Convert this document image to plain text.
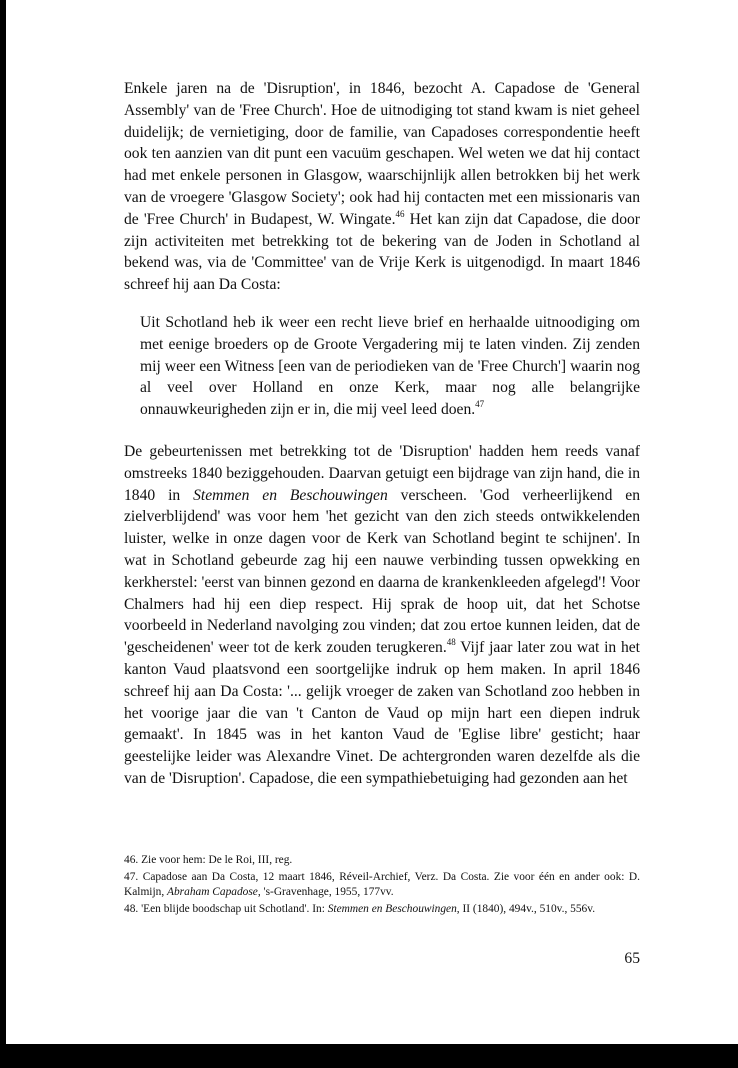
Enkele jaren na de 'Disruption', in 1846, bezocht A. Capadose de 'General Assembly' van de 'Free Church'. Hoe de uitnodiging tot stand kwam is niet geheel duidelijk; de vernietiging, door de familie, van Capadoses correspondentie heeft ook ten aanzien van dit punt een vacuüm geschapen. Wel weten we dat hij contact had met enkele personen in Glasgow, waarschijnlijk allen betrokken bij het werk van de vroegere 'Glasgow Society'; ook had hij contacten met een missionaris van de 'Free Church' in Budapest, W. Wingate.$^{46}$ Het kan zijn dat Capadose, die door zijn activiteiten met betrekking tot de bekering van de Joden in Schotland al bekend was, via de 'Committee' van de Vrije Kerk is uitgenodigd. In maart 1846 schreef hij aan Da Costa:

Uit Schotland heb ik weer een recht lieve brief en herhaalde uitnoodiging om met eenige broeders op de Groote Vergadering mij te laten vinden. Zij zenden mij weer een Witness [een van de periodieken van de 'Free Church'] waarin nog al veel over Holland en onze Kerk, maar nog alle belangrijke onnauwkeurigheden zijn er in, die mij veel leed doen.$^{47}$

De gebeurtenissen met betrekking tot de 'Disruption' hadden hem reeds vanaf omstreeks 1840 beziggehouden. Daarvan getuigt een bijdrage van zijn hand, die in 1840 in Stemmen en Beschouwingen verscheen. 'God verheerlijkend en zielverblijdend' was voor hem 'het gezicht van den zich steeds ontwikkelenden luister, welke in onze dagen voor de Kerk van Schotland begint te schijnen'. In wat in Schotland gebeurde zag hij een nauwe verbinding tussen opwekking en kerkherstel: 'eerst van binnen gezond en daarna de krankenkleeden afgelegd'! Voor Chalmers had hij een diep respect. Hij sprak de hoop uit, dat het Schotse voorbeeld in Nederland navolging zou vinden; dat zou ertoe kunnen leiden, dat de 'gescheidenen' weer tot de kerk zouden terugkeren.$^{48}$ Vijf jaar later zou wat in het kanton Vaud plaatsvond een soortgelijke indruk op hem maken. In april 1846 schreef hij aan Da Costa: '... gelijk vroeger de zaken van Schotland zoo hebben in het voorige jaar die van 't Canton de Vaud op mijn hart een diepen indruk gemaakt'. In 1845 was in het kanton Vaud de 'Eglise libre' gesticht; haar geestelijke leider was Alexandre Vinet. De achtergronden waren dezelfde als die van de 'Disruption'. Capadose, die een sympathiebetuiging had gezonden aan het

46. Zie voor hem: De le Roi, III, reg.

47. Capadose aan Da Costa, 12 maart 1846, Réveil-Archief, Verz. Da Costa. Zie voor één en ander ook: D. Kalmijn, Abraham Capadose, 's-Gravenhage, 1955, 177vv.

48. 'Een blijde boodschap uit Schotland'. In: Stemmen en Beschouwingen, II (1840), 494v., 510v., 556v.

65
